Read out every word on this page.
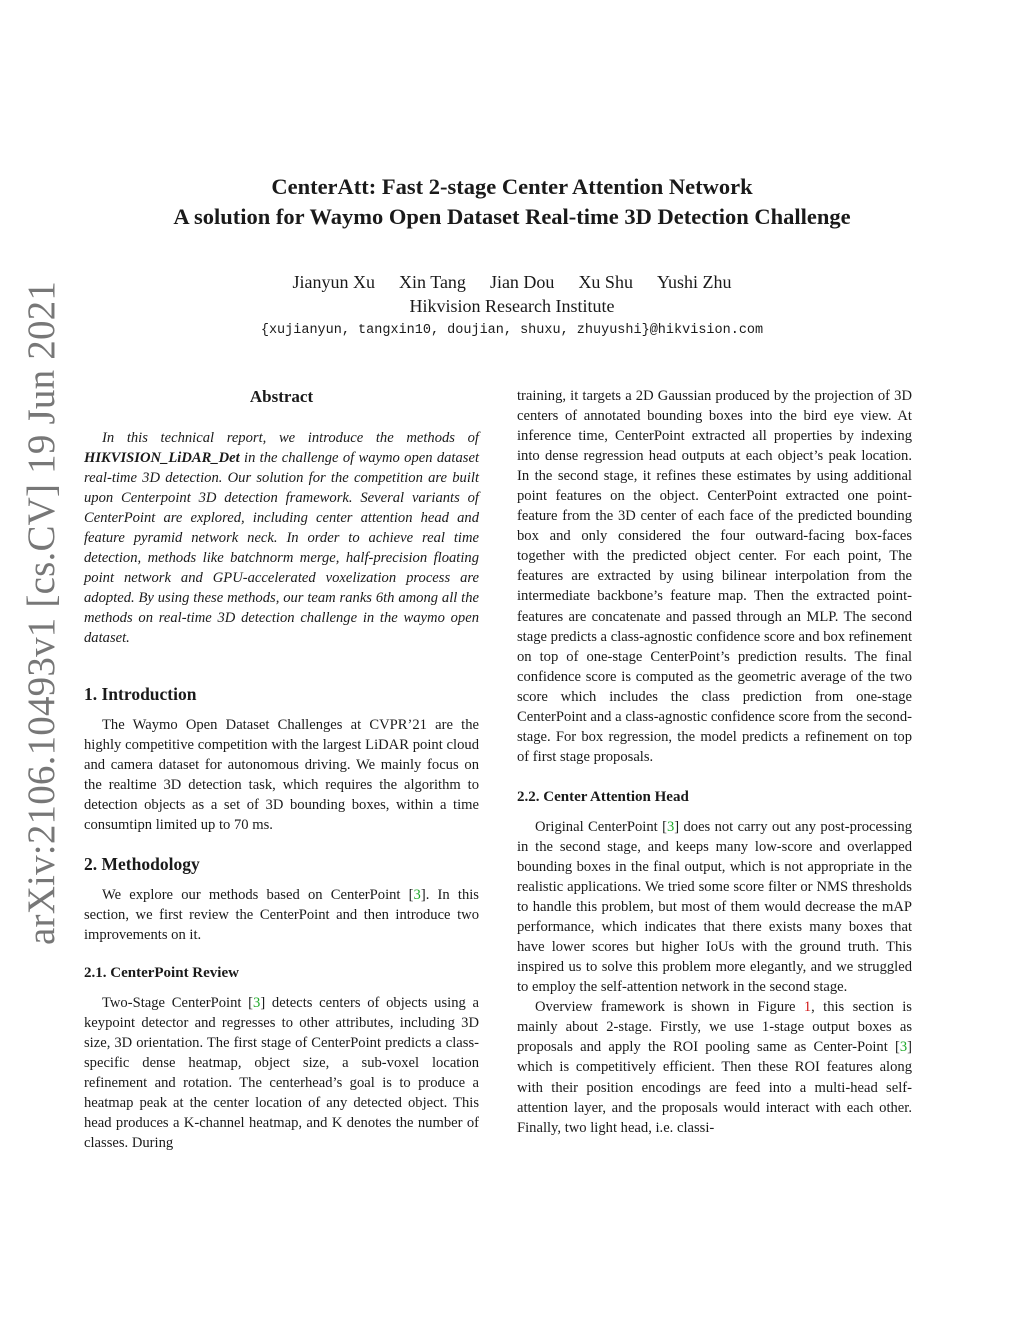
arXiv:2106.10493v1 [cs.CV] 19 Jun 2021
CenterAtt: Fast 2-stage Center Attention Network
A solution for Waymo Open Dataset Real-time 3D Detection Challenge
Jianyun Xu Xin Tang Jian Dou Xu Shu Yushi Zhu
Hikvision Research Institute
{xujianyun, tangxin10, doujian, shuxu, zhuyushi}@hikvision.com
Abstract

In this technical report, we introduce the methods of HIKVISION_LiDAR_Det in the challenge of waymo open dataset real-time 3D detection. Our solution for the competition are built upon Centerpoint 3D detection framework. Several variants of CenterPoint are explored, including center attention head and feature pyramid network neck. In order to achieve real time detection, methods like batchnorm merge, half-precision floating point network and GPU-accelerated voxelization process are adopted. By using these methods, our team ranks 6th among all the methods on real-time 3D detection challenge in the waymo open dataset.

1. Introduction

The Waymo Open Dataset Challenges at CVPR’21 are the highly competitive competition with the largest LiDAR point cloud and camera dataset for autonomous driving. We mainly focus on the realtime 3D detection task, which requires the algorithm to detection objects as a set of 3D bounding boxes, within a time consumtipn limited up to 70 ms.

2. Methodology

We explore our methods based on CenterPoint [3]. In this section, we first review the CenterPoint and then introduce two improvements on it.

2.1. CenterPoint Review

Two-Stage CenterPoint [3] detects centers of objects using a keypoint detector and regresses to other attributes, including 3D size, 3D orientation. The first stage of CenterPoint predicts a class-specific dense heatmap, object size, a sub-voxel location refinement and rotation. The centerhead’s goal is to produce a heatmap peak at the center location of any detected object. This head produces a K-channel heatmap, and K denotes the number of classes. During

training, it targets a 2D Gaussian produced by the projection of 3D centers of annotated bounding boxes into the bird eye view. At inference time, CenterPoint extracted all properties by indexing into dense regression head outputs at each object’s peak location. In the second stage, it refines these estimates by using additional point features on the object. CenterPoint extracted one point-feature from the 3D center of each face of the predicted bounding box and only considered the four outward-facing box-faces together with the predicted object center. For each point, The features are extracted by using bilinear interpolation from the intermediate backbone’s feature map. Then the extracted point-features are concatenate and passed through an MLP. The second stage predicts a class-agnostic confidence score and box refinement on top of one-stage CenterPoint’s prediction results. The final confidence score is computed as the geometric average of the two score which includes the class prediction from one-stage CenterPoint and a class-agnostic confidence score from the second-stage. For box regression, the model predicts a refinement on top of first stage proposals.

2.2. Center Attention Head

Original CenterPoint [3] does not carry out any post-processing in the second stage, and keeps many low-score and overlapped bounding boxes in the final output, which is not appropriate in the realistic applications. We tried some score filter or NMS thresholds to handle this problem, but most of them would decrease the mAP performance, which indicates that there exists many boxes that have lower scores but higher IoUs with the ground truth. This inspired us to solve this problem more elegantly, and we struggled to employ the self-attention network in the second stage.

Overview framework is shown in Figure 1, this section is mainly about 2-stage. Firstly, we use 1-stage output boxes as proposals and apply the ROI pooling same as Center-Point [3] which is competitively efficient. Then these ROI features along with their position encodings are feed into a multi-head self-attention layer, and the proposals would interact with each other. Finally, two light head, i.e. classi-
